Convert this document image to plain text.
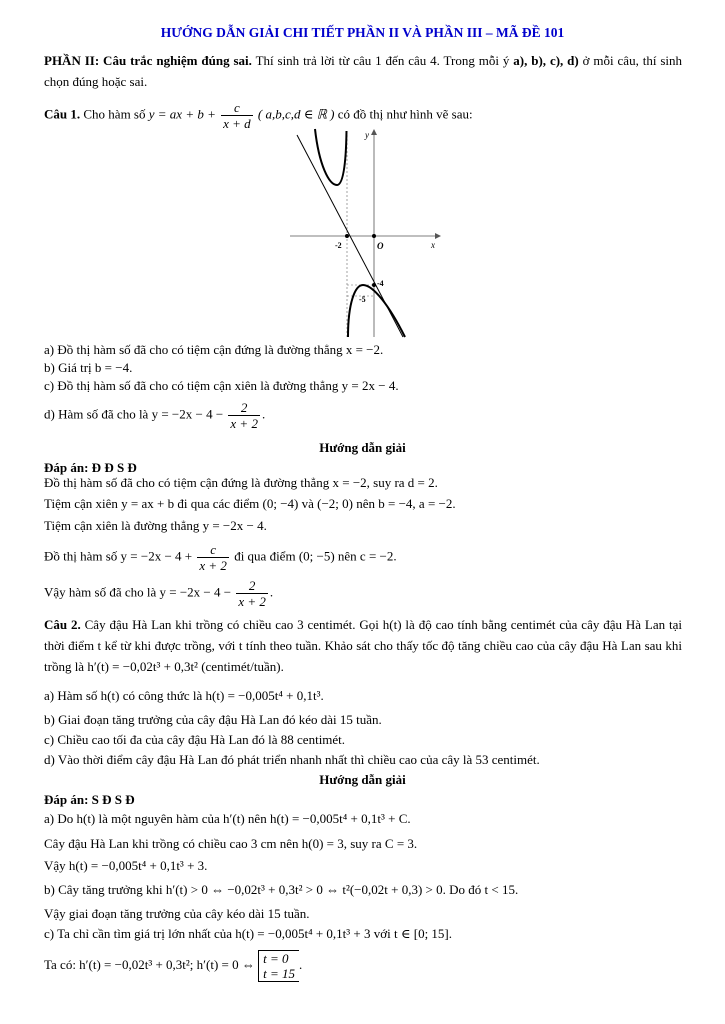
HƯỚNG DẪN GIẢI CHI TIẾT PHẦN II VÀ PHẦN III – MÃ ĐỀ 101
PHẦN II: Câu trắc nghiệm đúng sai. Thí sinh trả lời từ câu 1 đến câu 4. Trong mỗi ý a), b), c), d) ở mỗi câu, thí sinh chọn đúng hoặc sai.
Câu 1. Cho hàm số y = ax + $b + \frac{c}{x + d}$ ( a,b,c,d ∈ ℝ ) có đồ thị như hình vẽ sau:
y
x
O
-2
-4
-5
a) Đồ thị hàm số đã cho có tiệm cận đứng là đường thẳng x = −2.
b) Giá trị b = −4.
c) Đồ thị hàm số đã cho có tiệm cận xiên là đường thẳng y = 2x − 4.
d) Hàm số đã cho là $y = -2x - 4 - \frac{2}{x + 2}$ .
Hướng dẫn giải
Đáp án: Đ Đ S Đ
Đồ thị hàm số đã cho có tiệm cận đứng là đường thẳng x = −2, suy ra d = 2.
Tiệm cận xiên y = ax + b đi qua các điểm (0; −4) và (−2; 0) nên b = −4, a = −2.
Tiệm cận xiên là đường thẳng y = −2x − 4.
Đồ thị hàm số $y = -2x - 4 + \frac{c}{x + 2}$ đi qua điểm (0; −5) nên c = −2.
Vậy hàm số đã cho là $y = -2x - 4 - \frac{2}{x + 2}$ .
Câu 2. Cây đậu Hà Lan khi trồng có chiều cao 3 centimét. Gọi h(t) là độ cao tính bằng centimét của cây đậu Hà Lan tại thời điểm t kể từ khi được trồng, với t tính theo tuần. Khảo sát cho thấy tốc độ tăng chiều cao của cây đậu Hà Lan sau khi trồng là h′(t) = −0,02t³ + 0,3t² (centimét/tuần).
a) Hàm số h(t) có công thức là h(t) = −0,005t⁴ + 0,1t³.
b) Giai đoạn tăng trưởng của cây đậu Hà Lan đó kéo dài 15 tuần.
c) Chiều cao tối đa của cây đậu Hà Lan đó là 88 centimét.
d) Vào thời điểm cây đậu Hà Lan đó phát triển nhanh nhất thì chiều cao của cây là 53 centimét.
Hướng dẫn giải
Đáp án: S Đ S Đ
a) Do h(t) là một nguyên hàm của h′(t) nên h(t) = −0,005t⁴ + 0,1t³ + C.
Cây đậu Hà Lan khi trồng có chiều cao 3 cm nên h(0) = 3, suy ra C = 3.
Vậy h(t) = −0,005t⁴ + 0,1t³ + 3.
b) Cây tăng trưởng khi h′(t) > 0 ⇔ −0,02t³ + 0,3t² > 0 ⇔ t²(−0,02t + 0,3) > 0. Do đó t < 15.
Vậy giai đoạn tăng trưởng của cây kéo dài 15 tuần.
c) Ta chỉ cần tìm giá trị lớn nhất của h(t) = −0,005t⁴ + 0,1t³ + 3 với t ∈ [0; 15].
Ta có: h′(t) = −0,02t³ + 0,3t²; h′(t) = 0 ⇔ t = 0
t = 15
.
